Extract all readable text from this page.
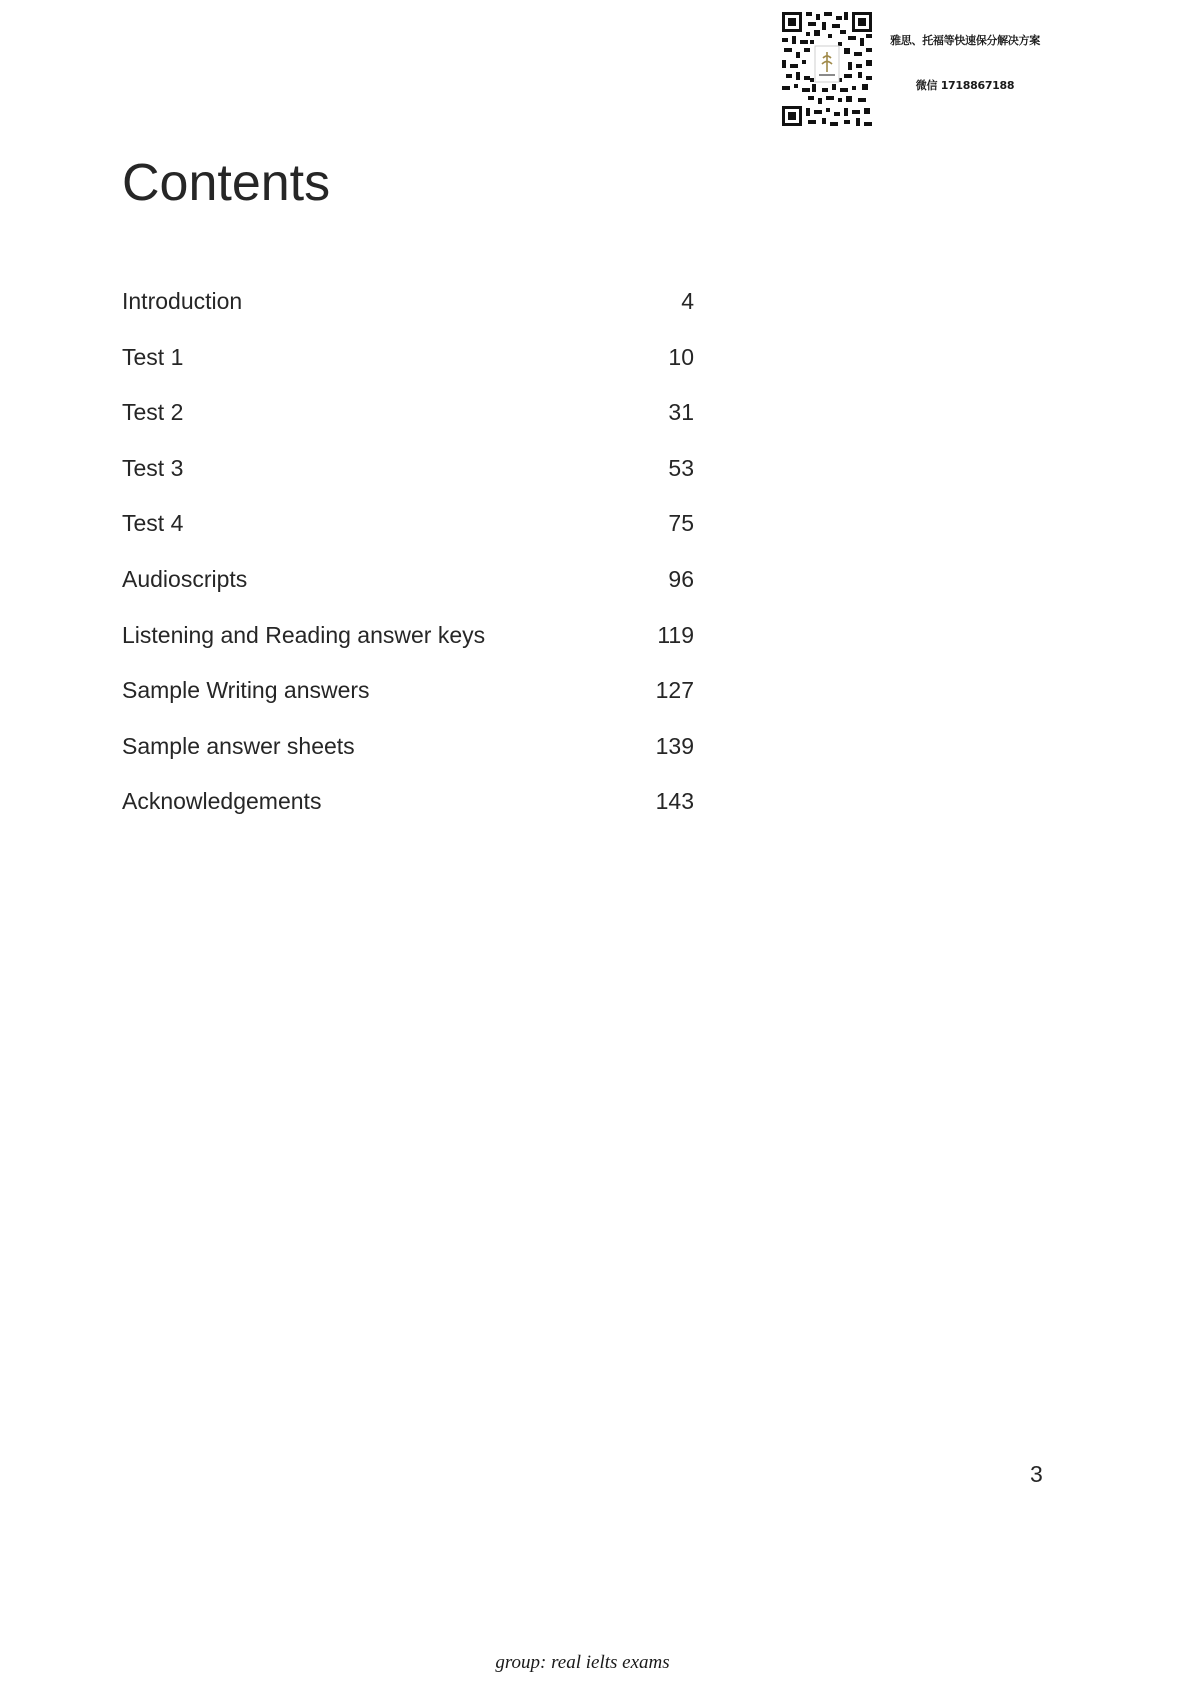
雅思、托福等快速保分解决方案
微信 1718867188
Contents
Introduction	4
Test 1	10
Test 2	31
Test 3	53
Test 4	75
Audioscripts	96
Listening and Reading answer keys	119
Sample Writing answers	127
Sample answer sheets	139
Acknowledgements	143
3
group: real ielts exams
